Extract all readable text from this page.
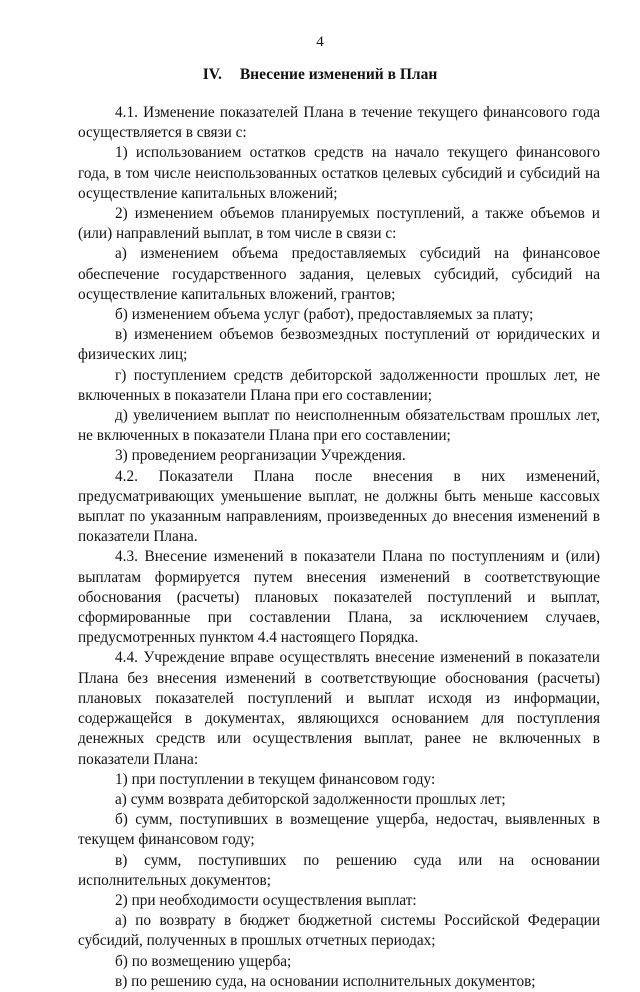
4
IV. Внесение изменений в План

4.1. Изменение показателей Плана в течение текущего финансового года осуществляется в связи с:

1) использованием остатков средств на начало текущего финансового года, в том числе неиспользованных остатков целевых субсидий и субсидий на осуществление капитальных вложений;

2) изменением объемов планируемых поступлений, а также объемов и (или) направлений выплат, в том числе в связи с:

а) изменением объема предоставляемых субсидий на финансовое обеспечение государственного задания, целевых субсидий, субсидий на осуществление капитальных вложений, грантов;

б) изменением объема услуг (работ), предоставляемых за плату;

в) изменением объемов безвозмездных поступлений от юридических и физических лиц;

г) поступлением средств дебиторской задолженности прошлых лет, не включенных в показатели Плана при его составлении;

д) увеличением выплат по неисполненным обязательствам прошлых лет, не включенных в показатели Плана при его составлении;

3) проведением реорганизации Учреждения.

4.2. Показатели Плана после внесения в них изменений, предусматривающих уменьшение выплат, не должны быть меньше кассовых выплат по указанным направлениям, произведенных до внесения изменений в показатели Плана.

4.3. Внесение изменений в показатели Плана по поступлениям и (или) выплатам формируется путем внесения изменений в соответствующие обоснования (расчеты) плановых показателей поступлений и выплат, сформированные при составлении Плана, за исключением случаев, предусмотренных пунктом 4.4 настоящего Порядка.

4.4. Учреждение вправе осуществлять внесение изменений в показатели Плана без внесения изменений в соответствующие обоснования (расчеты) плановых показателей поступлений и выплат исходя из информации, содержащейся в документах, являющихся основанием для поступления денежных средств или осуществления выплат, ранее не включенных в показатели Плана:

1) при поступлении в текущем финансовом году:

а) сумм возврата дебиторской задолженности прошлых лет;

б) сумм, поступивших в возмещение ущерба, недостач, выявленных в текущем финансовом году;

в) сумм, поступивших по решению суда или на основании исполнительных документов;

2) при необходимости осуществления выплат:

а) по возврату в бюджет бюджетной системы Российской Федерации субсидий, полученных в прошлых отчетных периодах;

б) по возмещению ущерба;

в) по решению суда, на основании исполнительных документов;
